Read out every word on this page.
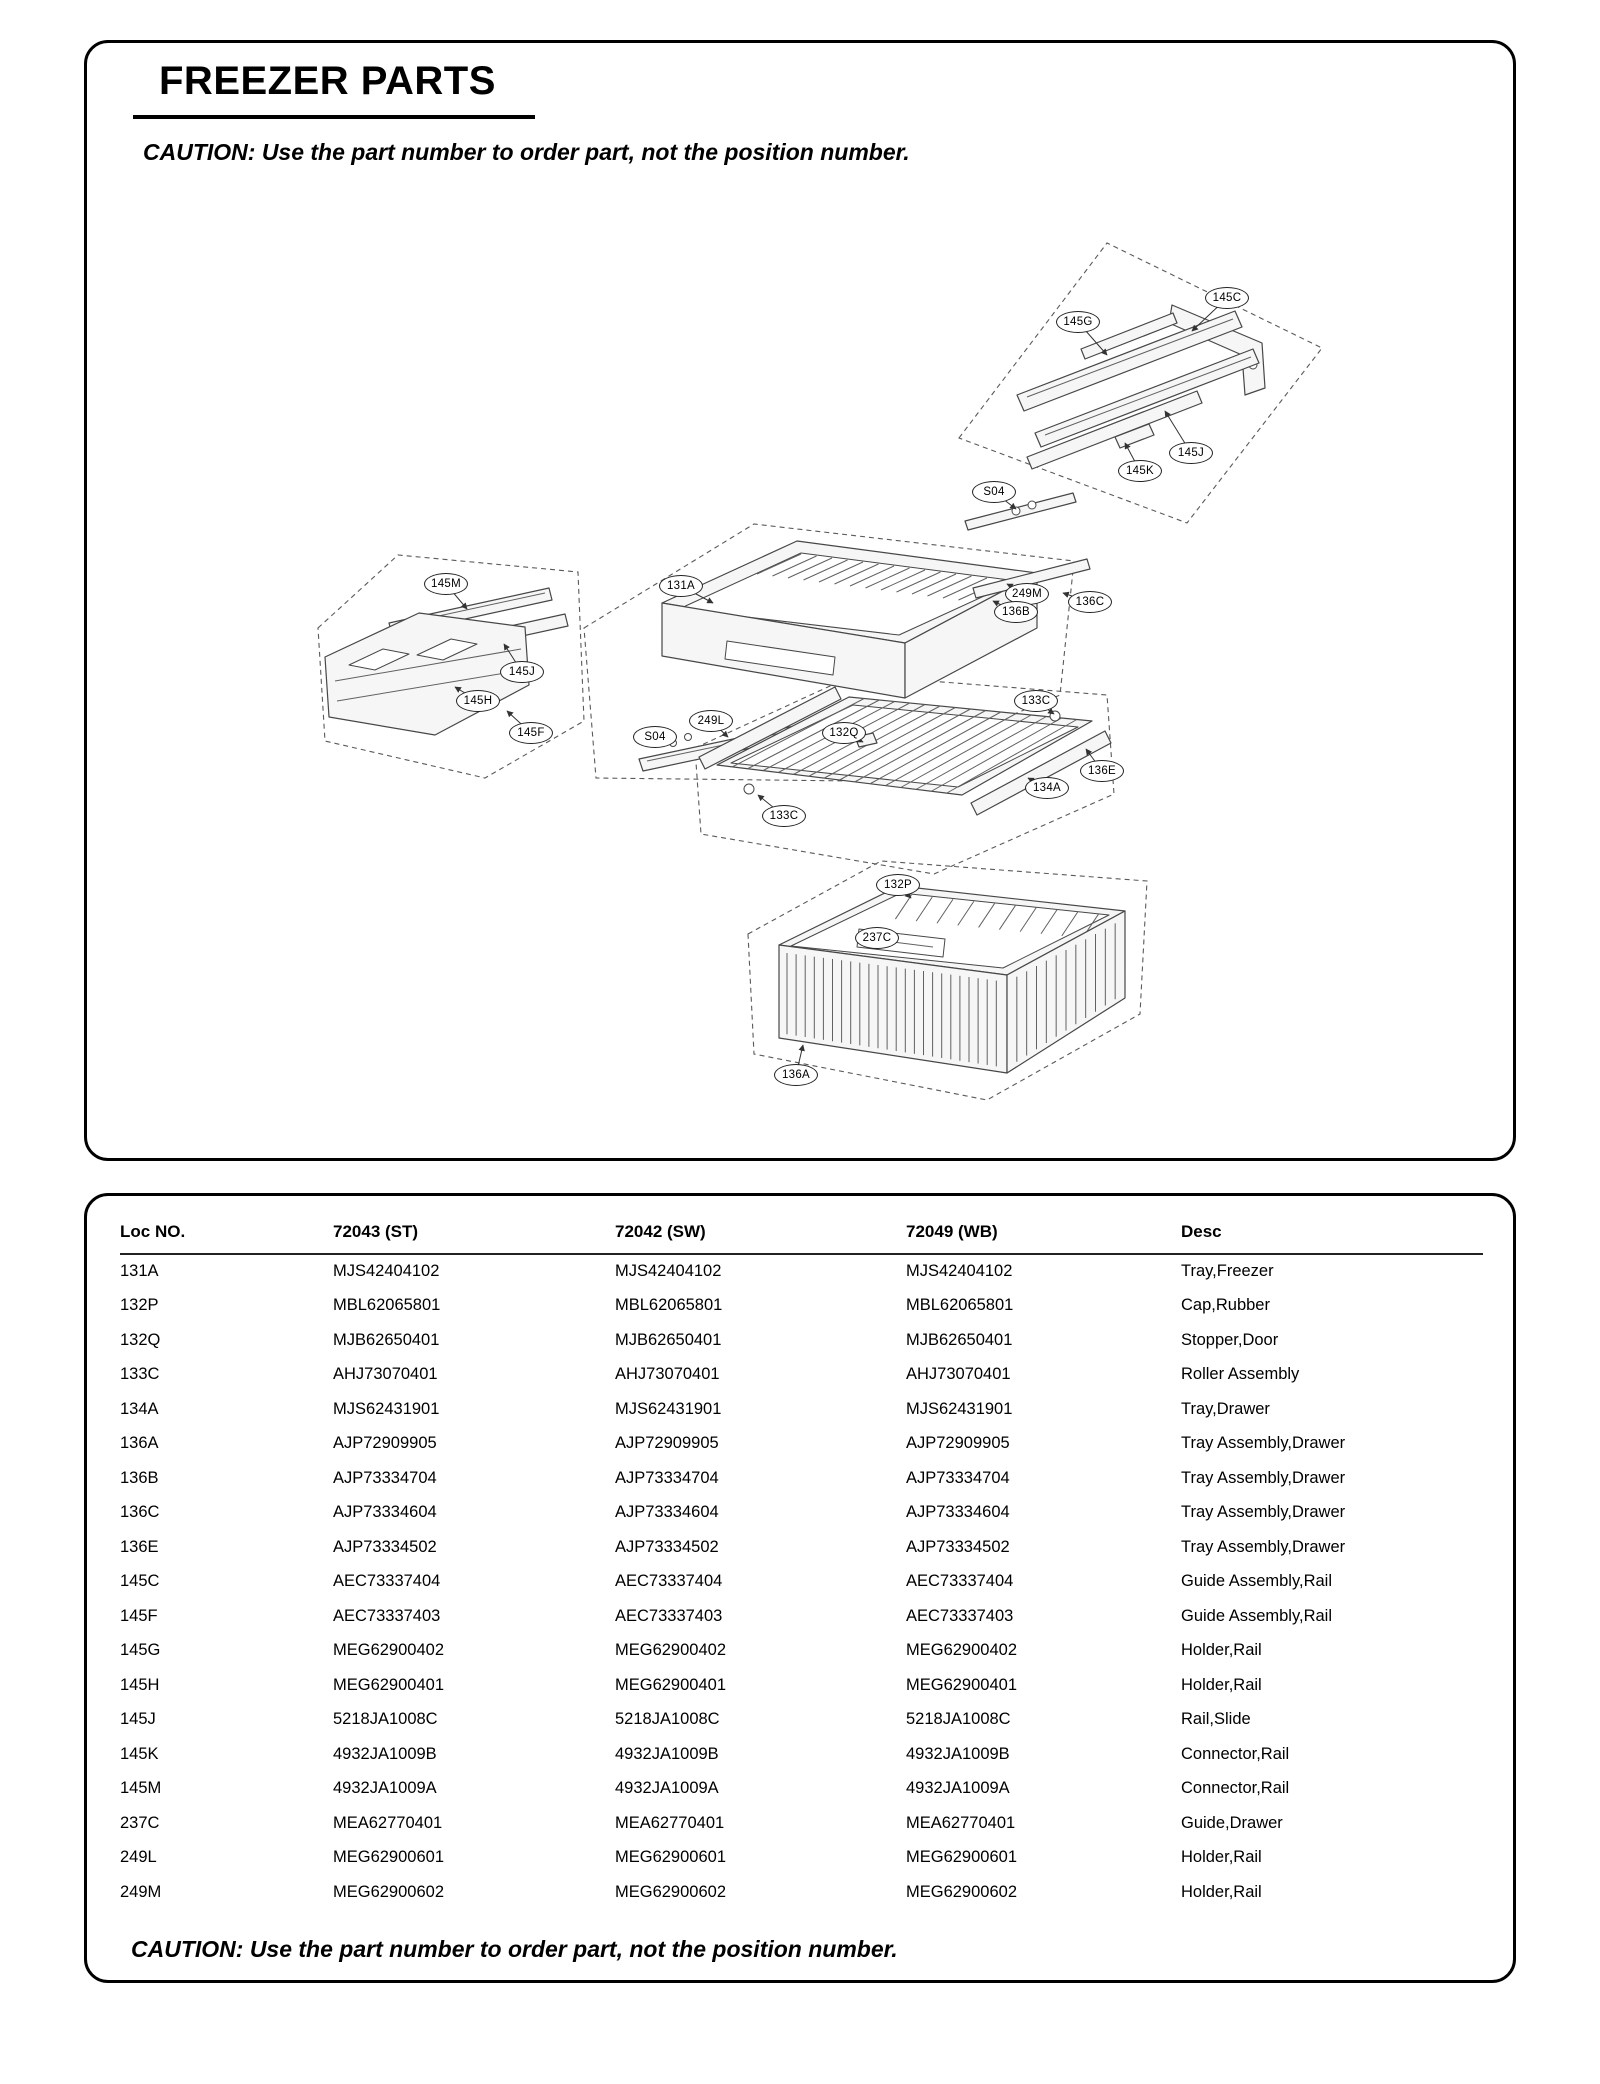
145C
145G
145J
145K
145M
145J
145H
145F
131A
S04
249M
136B
136C
S04
249L
132Q
133C
136E
134A
133C
132P
237C
136A
FREEZER PARTS
CAUTION: Use the part number to order part, not the position number.
Loc NO.	72043 (ST)	72042 (SW)	72049 (WB)	Desc
131A	MJS42404102	MJS42404102	MJS42404102	Tray,Freezer
132P	MBL62065801	MBL62065801	MBL62065801	Cap,Rubber
132Q	MJB62650401	MJB62650401	MJB62650401	Stopper,Door
133C	AHJ73070401	AHJ73070401	AHJ73070401	Roller Assembly
134A	MJS62431901	MJS62431901	MJS62431901	Tray,Drawer
136A	AJP72909905	AJP72909905	AJP72909905	Tray Assembly,Drawer
136B	AJP73334704	AJP73334704	AJP73334704	Tray Assembly,Drawer
136C	AJP73334604	AJP73334604	AJP73334604	Tray Assembly,Drawer
136E	AJP73334502	AJP73334502	AJP73334502	Tray Assembly,Drawer
145C	AEC73337404	AEC73337404	AEC73337404	Guide Assembly,Rail
145F	AEC73337403	AEC73337403	AEC73337403	Guide Assembly,Rail
145G	MEG62900402	MEG62900402	MEG62900402	Holder,Rail
145H	MEG62900401	MEG62900401	MEG62900401	Holder,Rail
145J	5218JA1008C	5218JA1008C	5218JA1008C	Rail,Slide
145K	4932JA1009B	4932JA1009B	4932JA1009B	Connector,Rail
145M	4932JA1009A	4932JA1009A	4932JA1009A	Connector,Rail
237C	MEA62770401	MEA62770401	MEA62770401	Guide,Drawer
249L	MEG62900601	MEG62900601	MEG62900601	Holder,Rail
249M	MEG62900602	MEG62900602	MEG62900602	Holder,Rail
CAUTION: Use the part number to order part, not the position number.
